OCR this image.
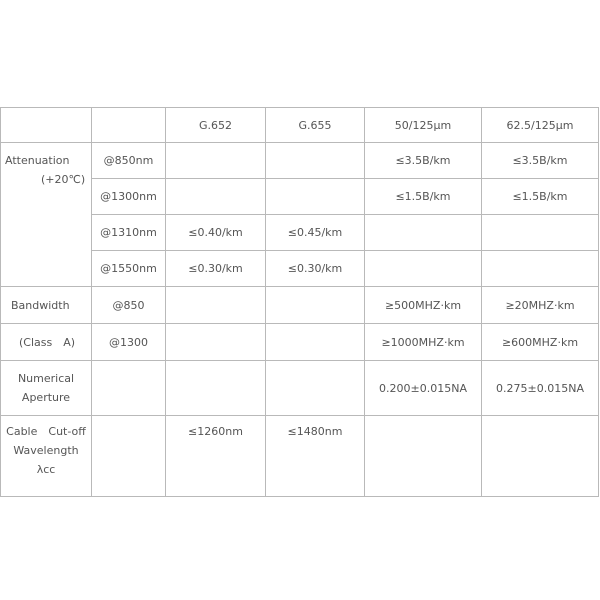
		G.652	G.655	50/125μm	62.5/125μm

Attenuation
(+20℃)	@850nm			≤3.5B/km	≤3.5B/km
	@1300nm			≤1.5B/km	≤1.5B/km
	@1310nm	≤0.40/km	≤0.45/km		
	@1550nm	≤0.30/km	≤0.30/km		
Bandwidth	@850			≥500MHZ·km	≥20MHZ·km
(Class　A)	@1300			≥1000MHZ·km	≥600MHZ·km

Numerical
Aperture				0.200±0.015NA	0.275±0.015NA

Cable　Cut-off
Wavelength
λcc		≤1260nm	≤1480nm		
